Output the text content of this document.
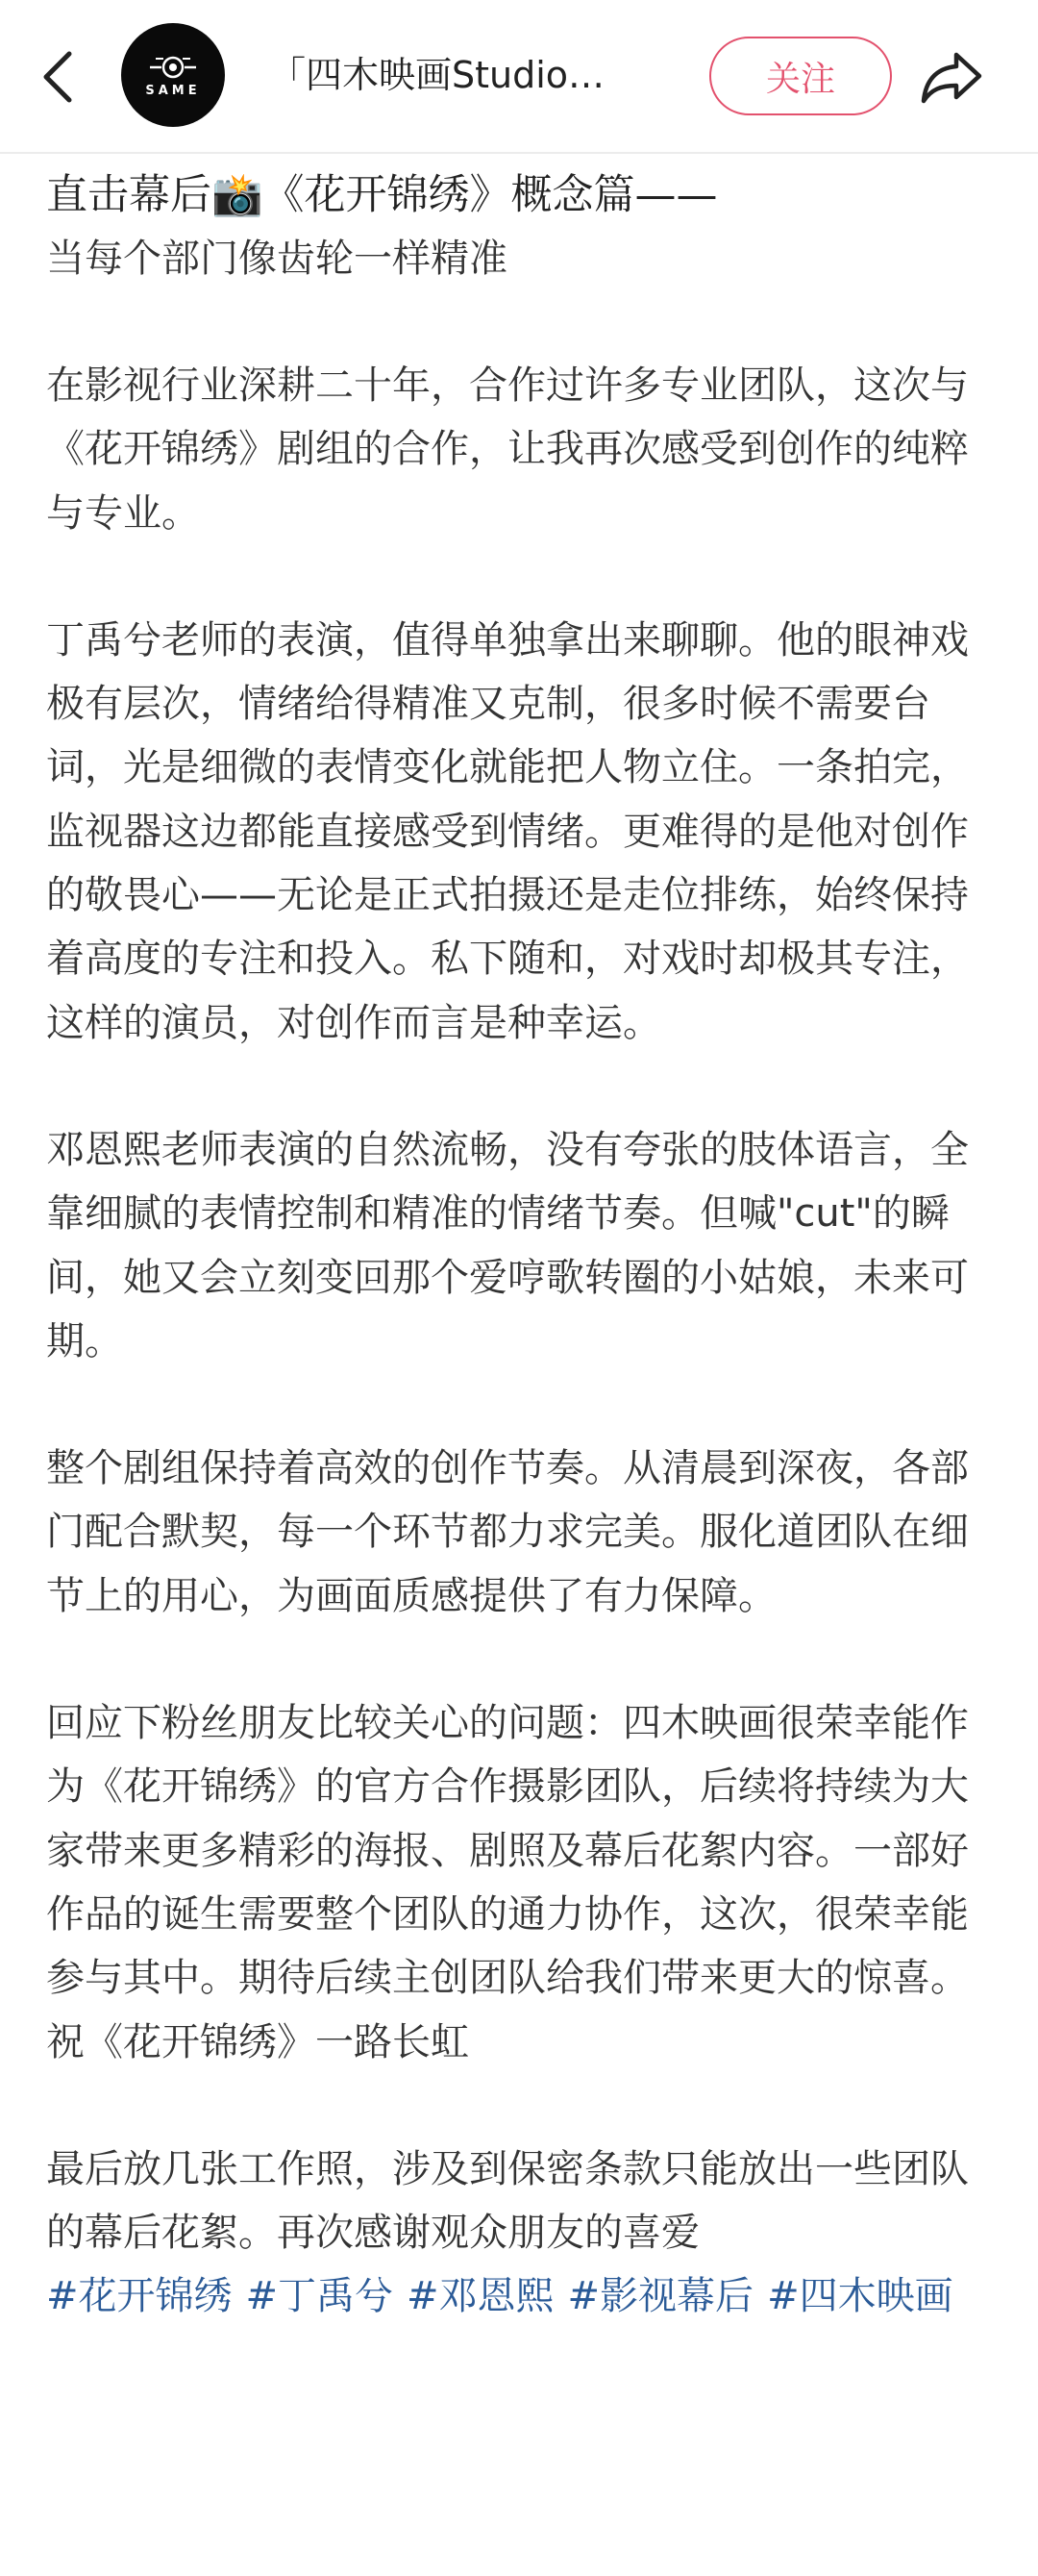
SAME 「四木映画Studio…	关注
直击幕后📸《花开锦绣》概念篇——

当每个部门像齿轮一样精准

在影视行业深耕二十年，合作过许多专业团队，这次与《花开锦绣》剧组的合作，让我再次感受到创作的纯粹与专业。

丁禹兮老师的表演，值得单独拿出来聊聊。他的眼神戏极有层次，情绪给得精准又克制，很多时候不需要台词，光是细微的表情变化就能把人物立住。一条拍完，监视器这边都能直接感受到情绪。更难得的是他对创作的敬畏心——无论是正式拍摄还是走位排练，始终保持着高度的专注和投入。私下随和，对戏时却极其专注，这样的演员，对创作而言是种幸运。

邓恩熙老师表演的自然流畅，没有夸张的肢体语言，全靠细腻的表情控制和精准的情绪节奏。但喊"cut"的瞬间，她又会立刻变回那个爱哼歌转圈的小姑娘，未来可期。

整个剧组保持着高效的创作节奏。从清晨到深夜，各部门配合默契，每一个环节都力求完美。服化道团队在细节上的用心，为画面质感提供了有力保障。

回应下粉丝朋友比较关心的问题：四木映画很荣幸能作为《花开锦绣》的官方合作摄影团队，后续将持续为大家带来更多精彩的海报、剧照及幕后花絮内容。一部好作品的诞生需要整个团队的通力协作，这次，很荣幸能参与其中。期待后续主创团队给我们带来更大的惊喜。祝《花开锦绣》一路长虹

最后放几张工作照，涉及到保密条款只能放出一些团队的幕后花絮。再次感谢观众朋友的喜爱

#花开锦绣 #丁禹兮 #邓恩熙 #影视幕后 #四木映画
